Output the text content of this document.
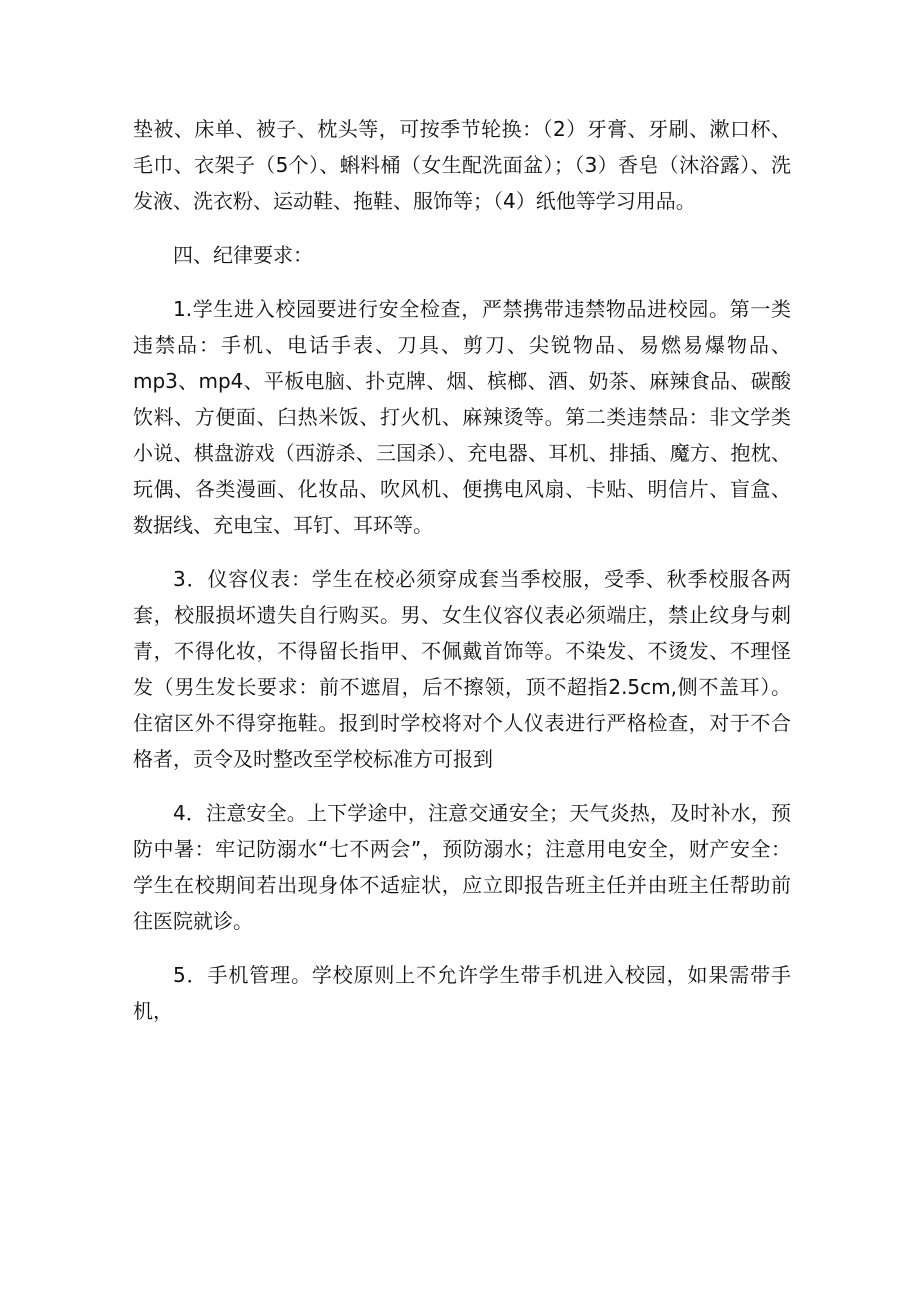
垫被、床单、被子、枕头等，可按季节轮换：（2）牙膏、牙刷、漱口杯、毛巾、衣架子（5个）、蝌料桶（女生配洗面盆）；（3）香皂（沐浴露）、洗发液、洗衣粉、运动鞋、拖鞋、服饰等；（4）纸他等学习用品。

四、纪律要求：

1.学生进入校园要进行安全检查，严禁携带违禁物品进校园。第一类违禁品：手机、电话手表、刀具、剪刀、尖锐物品、易燃易爆物品、mp3、mp4、平板电脑、扑克牌、烟、槟榔、酒、奶茶、麻辣食品、碳酸饮料、方便面、臼热米饭、打火机、麻辣烫等。第二类违禁品：非文学类小说、棋盘游戏（西游杀、三国杀）、充电器、耳机、排插、魔方、抱枕、玩偶、各类漫画、化妆品、吹风机、便携电风扇、卡贴、明信片、盲盒、数据线、充电宝、耳钉、耳环等。

3．仪容仪表：学生在校必须穿成套当季校服，受季、秋季校服各两套，校服损坏遗失自行购买。男、女生仪容仪表必须端庄，禁止纹身与刺青，不得化妆，不得留长指甲、不佩戴首饰等。不染发、不烫发、不理怪发（男生发长要求：前不遮眉，后不擦领，顶不超指2.5cm,侧不盖耳）。住宿区外不得穿拖鞋。报到时学校将对个人仪表进行严格检查，对于不合格者，贡令及时整改至学校标准方可报到

4．注意安全。上下学途中，注意交通安全；天气炎热，及时补水，预防中暑：牢记防溺水“七不两会”，预防溺水；注意用电安全，财产安全：学生在校期间若出现身体不适症状，应立即报告班主任并由班主任帮助前往医院就诊。

5．手机管理。学校原则上不允许学生带手机进入校园，如果需带手机，
